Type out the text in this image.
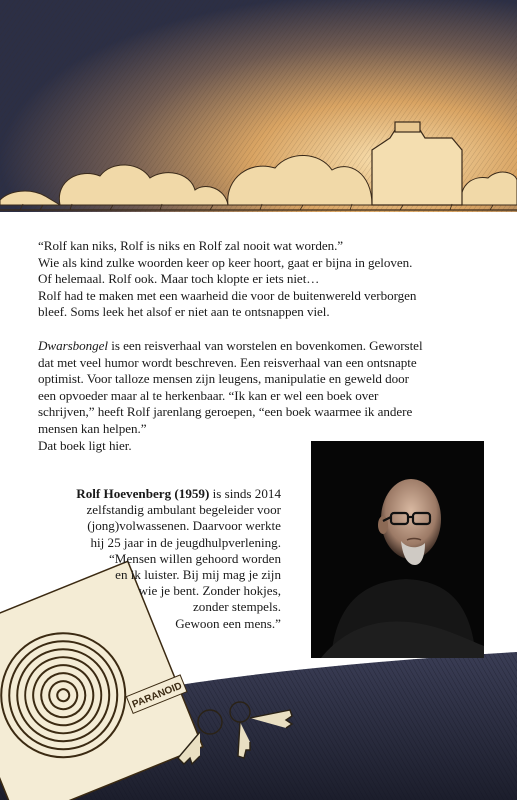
“Rolf kan niks, Rolf is niks en Rolf zal nooit wat worden.”
Wie als kind zulke woorden keer op keer hoort, gaat er bijna in geloven.
Of helemaal. Rolf ook. Maar toch klopte er iets niet…
Rolf had te maken met een waarheid die voor de buitenwereld verborgen
bleef. Soms leek het alsof er niet aan te ontsnappen viel.

Dwarsbongel is een reisverhaal van worstelen en bovenkomen. Geworstel
dat met veel humor wordt beschreven. Een reisverhaal van een ontsnapte
optimist. Voor talloze mensen zijn leugens, manipulatie en geweld door
een opvoeder maar al te herkenbaar. “Ik kan er wel een boek over
schrijven,” heeft Rolf jarenlang geroepen, “een boek waarmee ik andere
mensen kan helpen.”
Dat boek ligt hier.

PARANOID
Rolf Hoevenberg (1959) is sinds 2014
zelfstandig ambulant begeleider voor
(jong)volwassenen. Daarvoor werkte
hij 25 jaar in de jeugdhulpverlening.
“Mensen willen gehoord worden
en ik luister. Bij mij mag je zijn
wie je bent. Zonder hokjes,
zonder stempels.
Gewoon een mens.”
